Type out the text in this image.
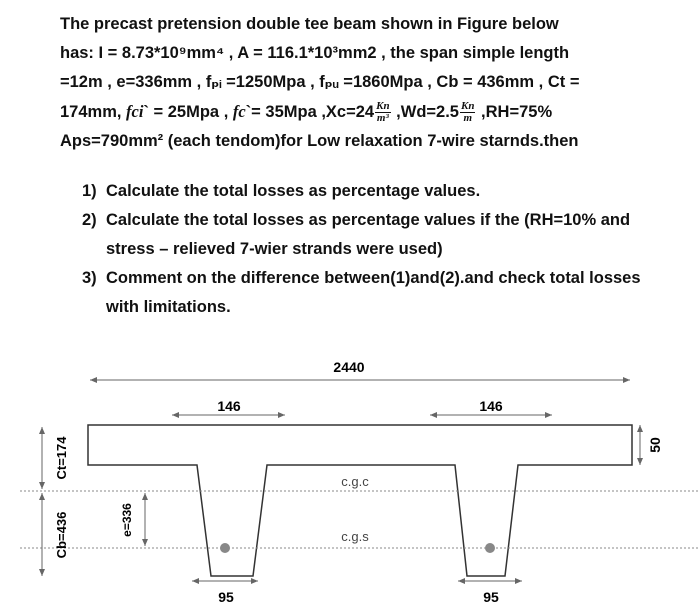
The precast pretension double tee beam shown in Figure below
has: I = 8.73*10⁹mm⁴ , A = 116.1*10³mm2 , the span simple length
=12m , e=336mm , fₚᵢ =1250Mpa , fₚᵤ =1860Mpa , Cb = 436mm , Ct =
174mm, fci` = 25Mpa , fc`= 35Mpa $,Xc=24 \frac{Kn}{\text{m³}} ,Wd=2.5 \frac{Kn}{m} ,RH=75\%$
Aps=790mm² (each tendom)for Low relaxation 7-wire starnds.then
1) Calculate the total losses as percentage values.
2) Calculate the total losses as percentage values if the (RH=10% and stress – relieved 7-wier strands were used)
3) Comment on the difference between(1)and(2).and check total losses with limitations.
2440
146	146
50
c.g.c
c.g.s
e=336
Ct=174
Cb=436
95	95
